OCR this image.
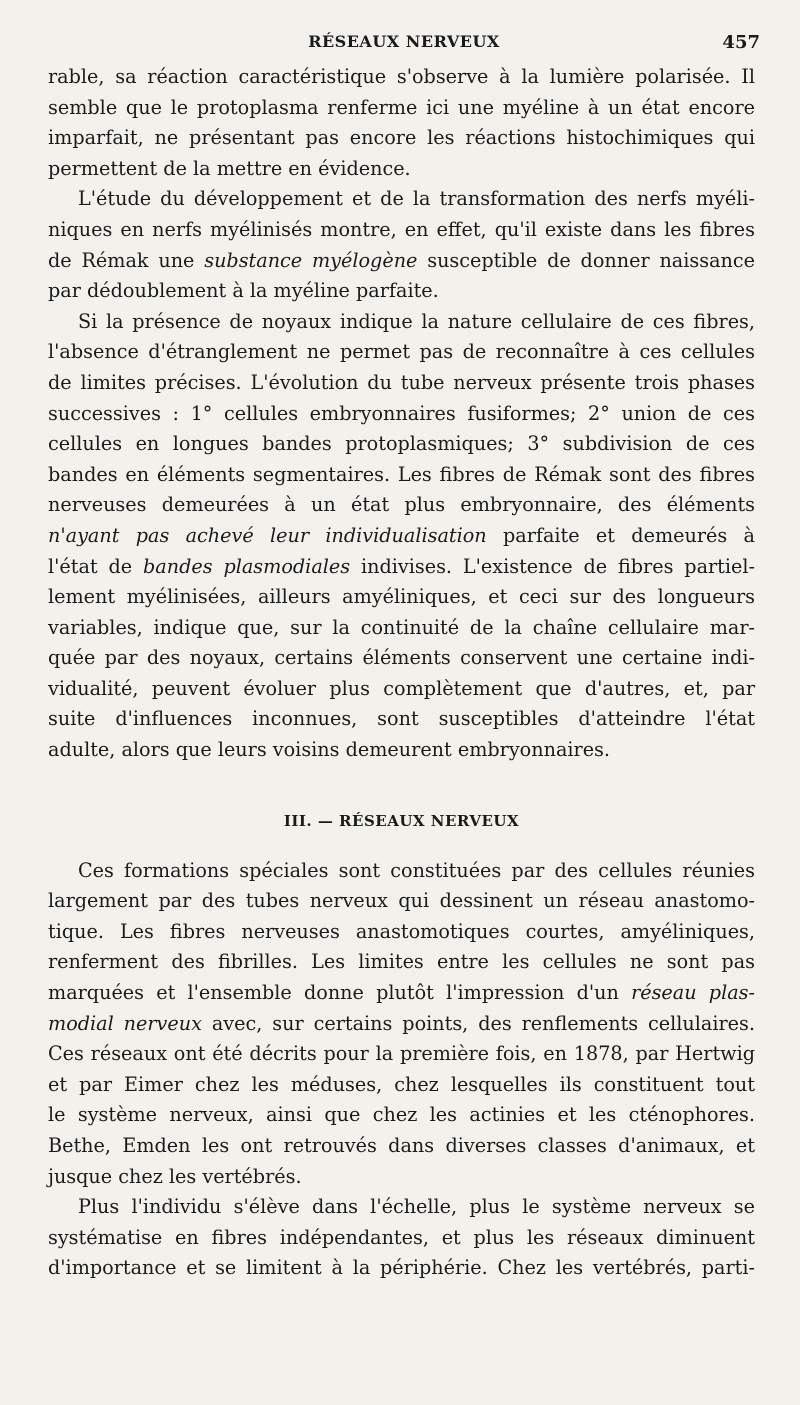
RÉSEAUX NERVEUX	457
rable, sa réaction caractéristique s'observe à la lumière polarisée. Il
semble que le protoplasma renferme ici une myéline à un état encore
imparfait, ne présentant pas encore les réactions histochimiques qui
permettent de la mettre en évidence.
L'étude du développement et de la transformation des nerfs myéli-
niques en nerfs myélinisés montre, en effet, qu'il existe dans les fibres
de Rémak une substance myélogène susceptible de donner naissance
par dédoublement à la myéline parfaite.
Si la présence de noyaux indique la nature cellulaire de ces fibres,
l'absence d'étranglement ne permet pas de reconnaître à ces cellules
de limites précises. L'évolution du tube nerveux présente trois phases
successives : 1° cellules embryonnaires fusiformes; 2° union de ces
cellules en longues bandes protoplasmiques; 3° subdivision de ces
bandes en éléments segmentaires. Les fibres de Rémak sont des fibres
nerveuses demeurées à un état plus embryonnaire, des éléments
n'ayant pas achevé leur individualisation parfaite et demeurés à
l'état de bandes plasmodiales indivises. L'existence de fibres partiel-
lement myélinisées, ailleurs amyéliniques, et ceci sur des longueurs
variables, indique que, sur la continuité de la chaîne cellulaire mar-
quée par des noyaux, certains éléments conservent une certaine indi-
vidualité, peuvent évoluer plus complètement que d'autres, et, par
suite d'influences inconnues, sont susceptibles d'atteindre l'état
adulte, alors que leurs voisins demeurent embryonnaires.
III. — RÉSEAUX NERVEUX
Ces formations spéciales sont constituées par des cellules réunies
largement par des tubes nerveux qui dessinent un réseau anastomo-
tique. Les fibres nerveuses anastomotiques courtes, amyéliniques,
renferment des fibrilles. Les limites entre les cellules ne sont pas
marquées et l'ensemble donne plutôt l'impression d'un réseau plas-
modial nerveux avec, sur certains points, des renflements cellulaires.
Ces réseaux ont été décrits pour la première fois, en 1878, par Hertwig
et par Eimer chez les méduses, chez lesquelles ils constituent tout
le système nerveux, ainsi que chez les actinies et les cténophores.
Bethe, Emden les ont retrouvés dans diverses classes d'animaux, et
jusque chez les vertébrés.
Plus l'individu s'élève dans l'échelle, plus le système nerveux se
systématise en fibres indépendantes, et plus les réseaux diminuent
d'importance et se limitent à la périphérie. Chez les vertébrés, parti-
